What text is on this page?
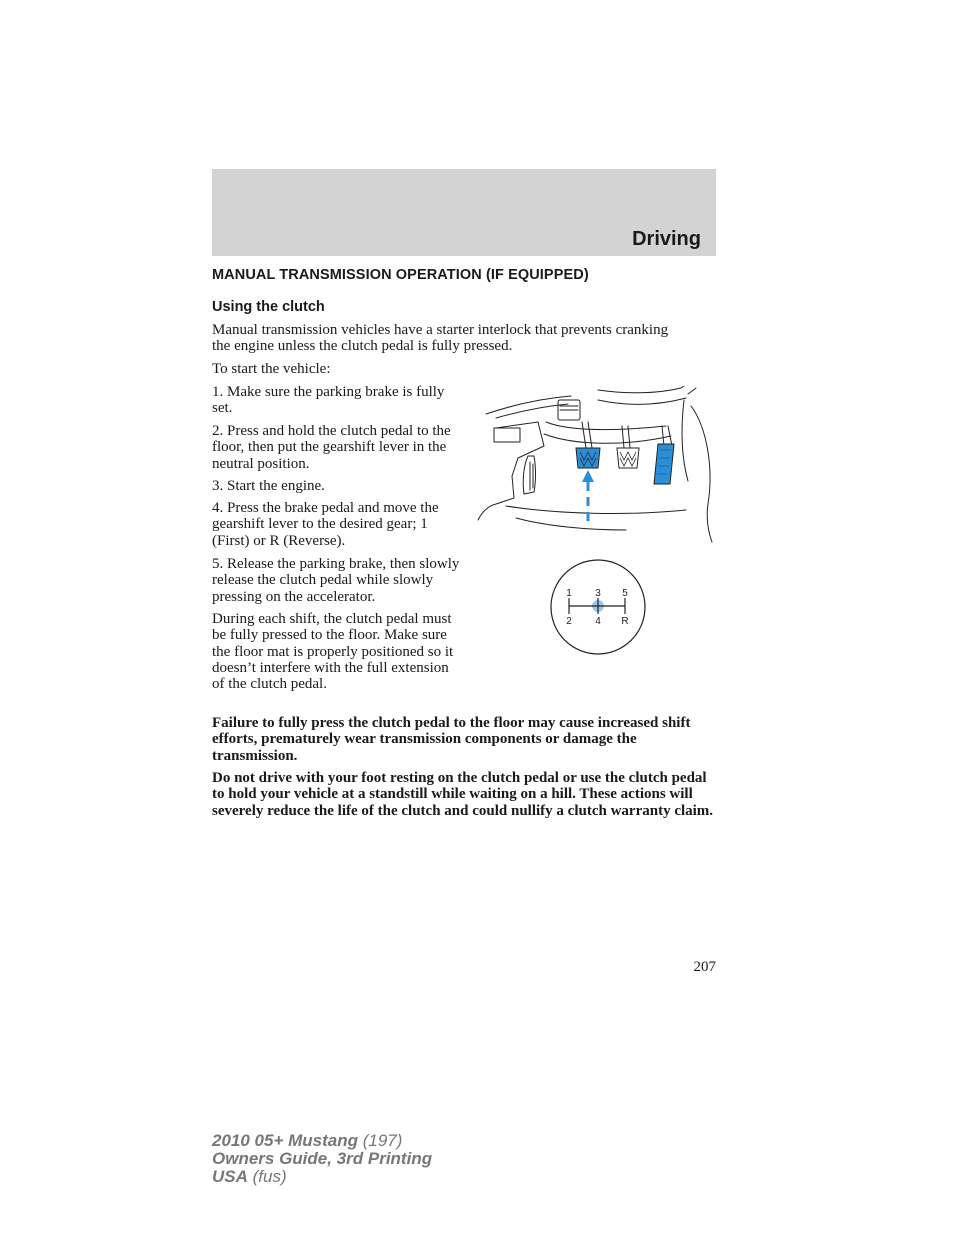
Driving
MANUAL TRANSMISSION OPERATION (IF EQUIPPED)
Using the clutch

Manual transmission vehicles have a starter interlock that prevents cranking the engine unless the clutch pedal is fully pressed.

To start the vehicle:

1. Make sure the parking brake is fully set.

2. Press and hold the clutch pedal to the floor, then put the gearshift lever in the neutral position.

3. Start the engine.

4. Press the brake pedal and move the gearshift lever to the desired gear; 1 (First) or R (Reverse).

5. Release the parking brake, then slowly release the clutch pedal while slowly pressing on the accelerator.

During each shift, the clutch pedal must be fully pressed to the floor. Make sure the floor mat is properly positioned so it doesn’t interfere with the full extension of the clutch pedal.

Failure to fully press the clutch pedal to the floor may cause increased shift efforts, prematurely wear transmission components or damage the transmission.

Do not drive with your foot resting on the clutch pedal or use the clutch pedal to hold your vehicle at a standstill while waiting on a hill. These actions will severely reduce the life of the clutch and could nullify a clutch warranty claim.

1 3 5
2 4 R
207
2010 05+ Mustang (197)
Owners Guide, 3rd Printing
USA (fus)
